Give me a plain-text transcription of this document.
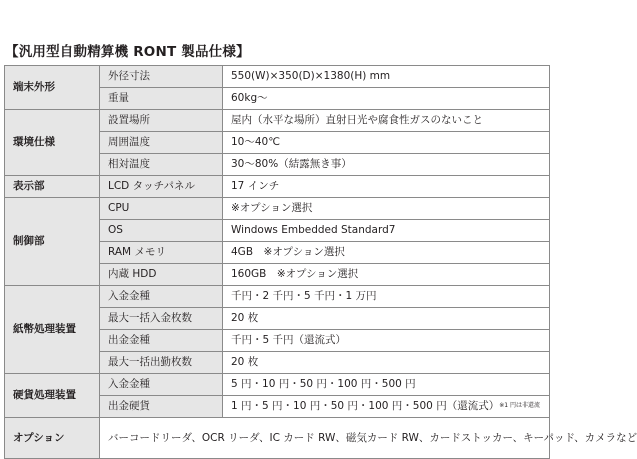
【汎用型自動精算機 RONT 製品仕様】
端末外形	外径寸法	550(W)×350(D)×1380(H) mm
	重量	60kg〜
環境仕様	設置場所	屋内（水平な場所）直射日光や腐食性ガスのないこと
	周囲温度	10〜40℃
	相対温度	30〜80%（結露無き事）
表示部	LCD タッチパネル	17 インチ
制御部	CPU	※オプション選択
	OS	Windows Embedded Standard7
	RAM メモリ	4GB　※オプション選択
	内蔵 HDD	160GB　※オプション選択
紙幣処理装置	入金金種	千円・2 千円・5 千円・1 万円
	最大一括入金枚数	20 枚
	出金金種	千円・5 千円（還流式）
	最大一括出勤枚数	20 枚
硬貨処理装置	入金金種	5 円・10 円・50 円・100 円・500 円
	出金硬貨	1 円・5 円・10 円・50 円・100 円・500 円（還流式）※1 円は非還流
オプション	バーコードリーダ、OCR リーダ、IC カード RW、磁気カード RW、カードストッカー、キーパッド、カメラなど	
